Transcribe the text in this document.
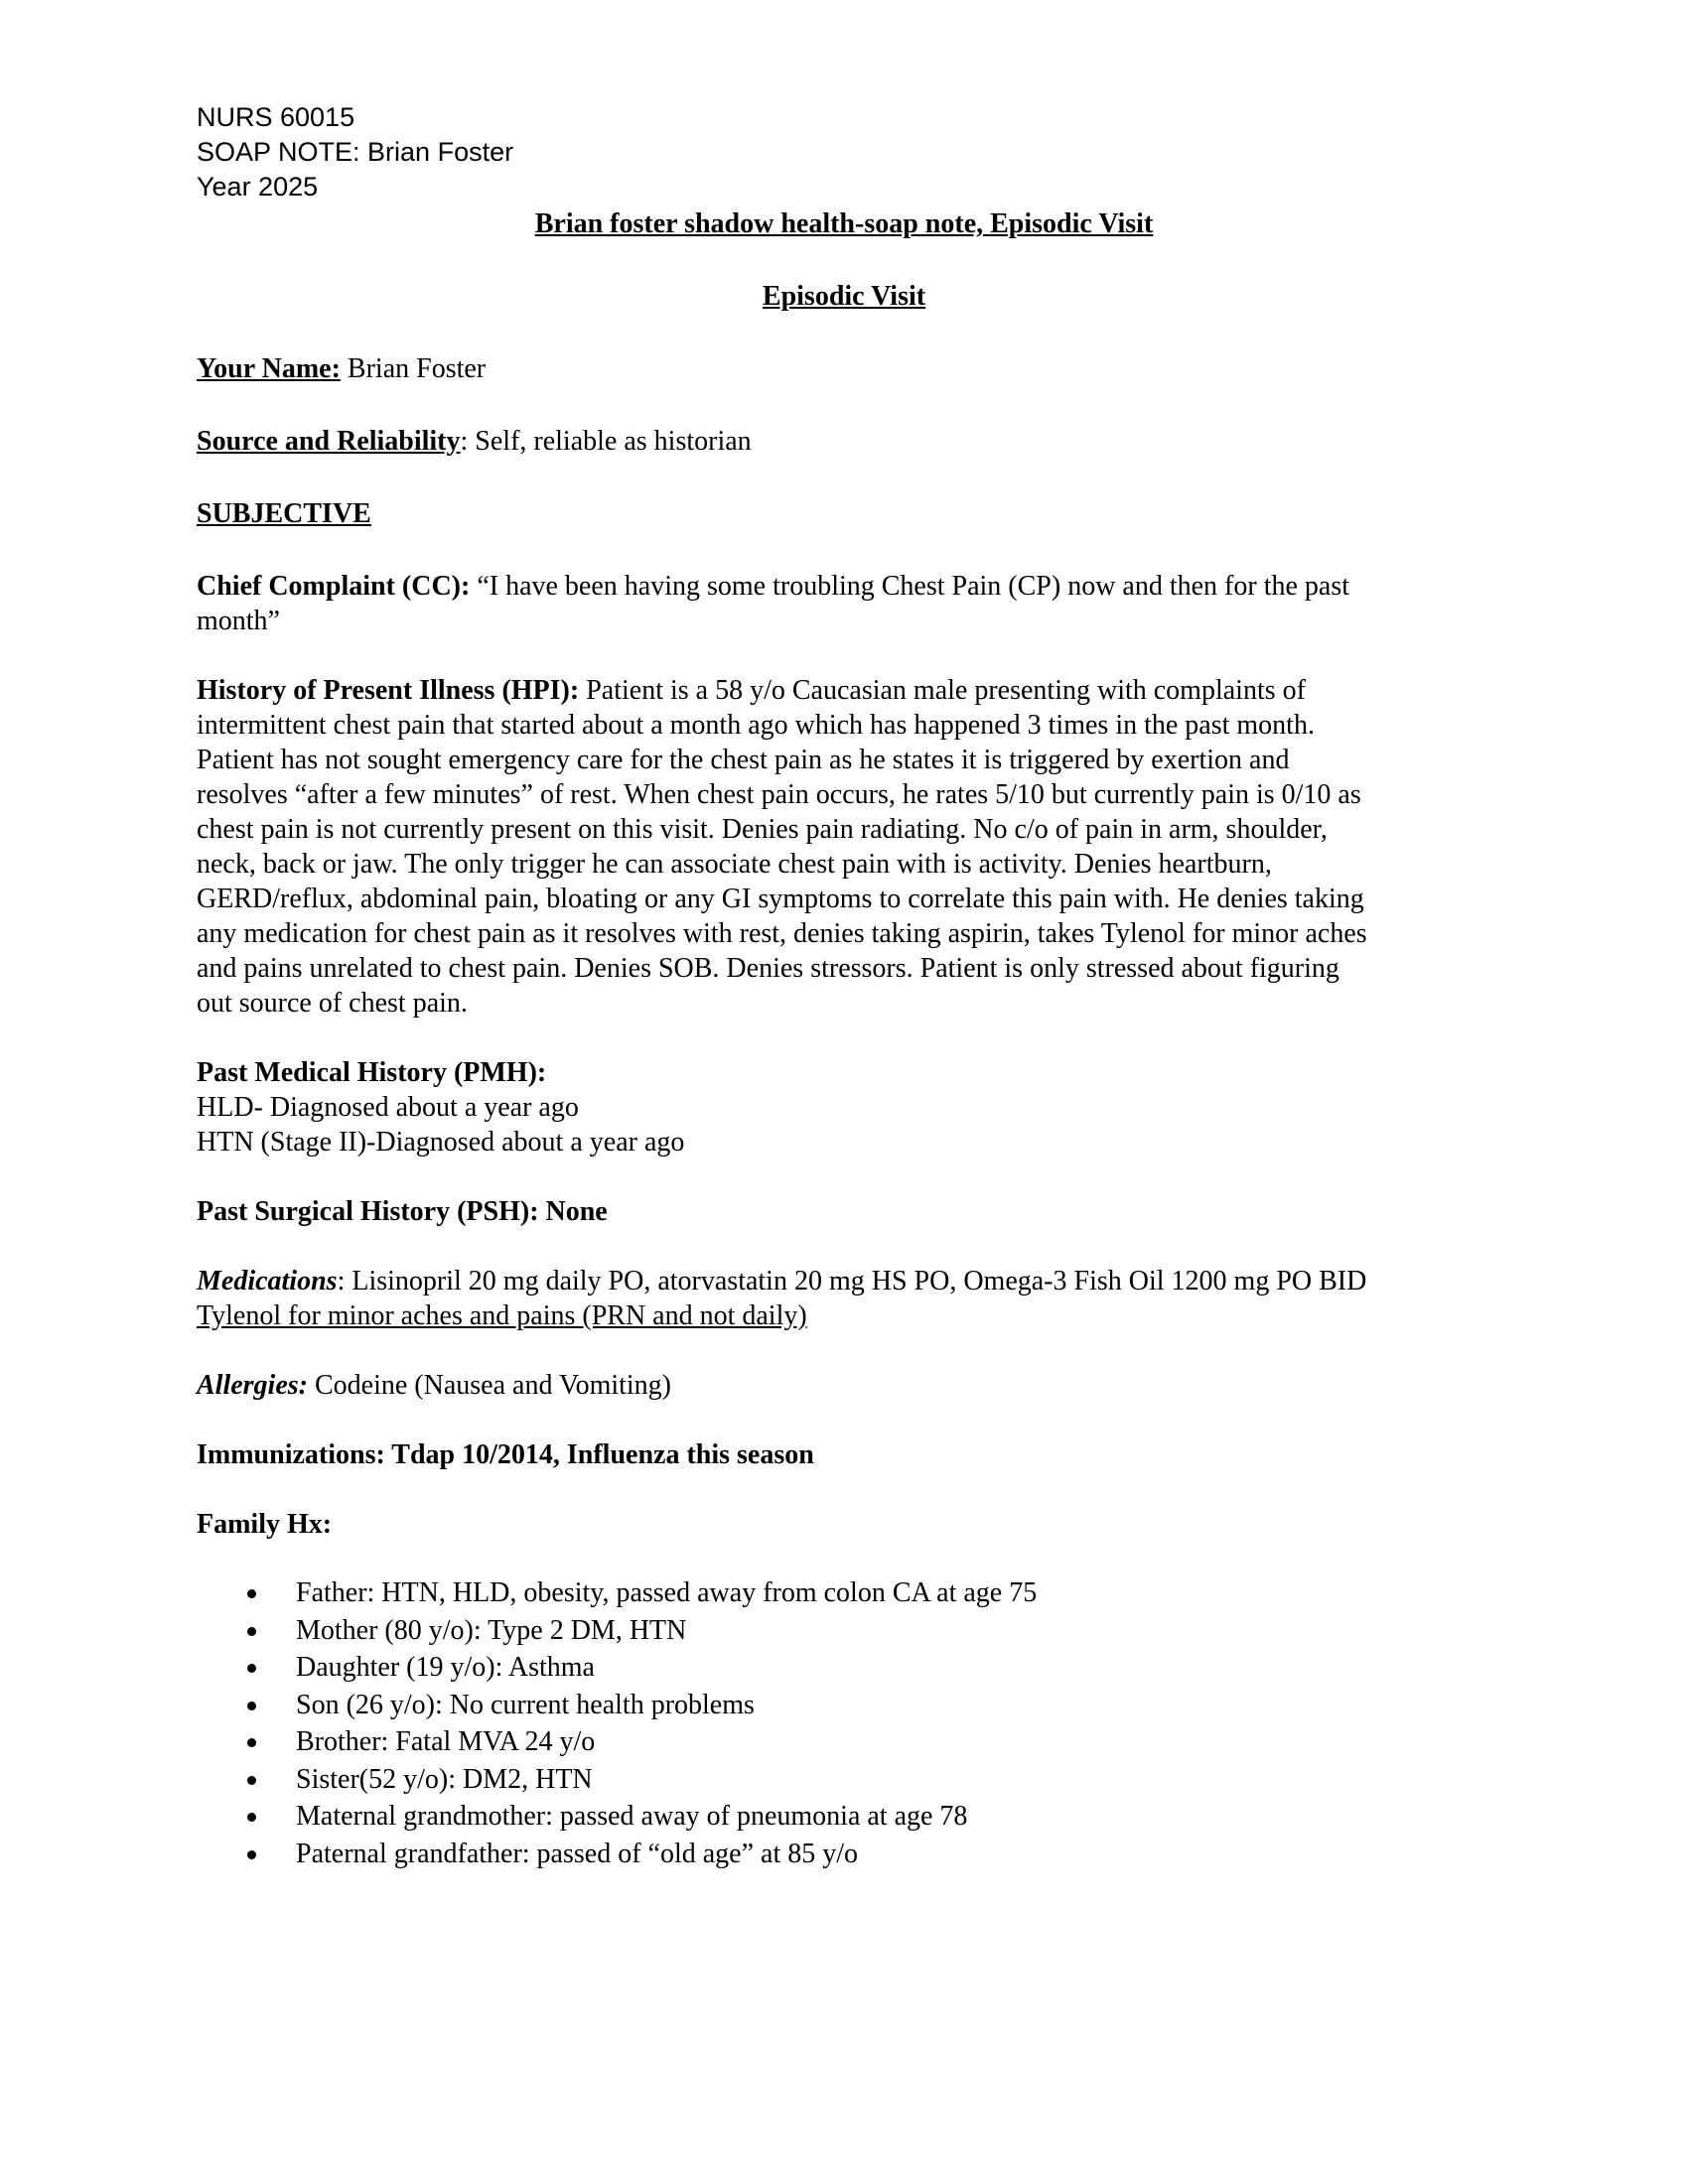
NURS 60015
SOAP NOTE: Brian Foster
Year 2025
Brian foster shadow health-soap note, Episodic Visit
Episodic Visit
Your Name: Brian Foster
Source and Reliability: Self, reliable as historian
SUBJECTIVE
Chief Complaint (CC): “I have been having some troubling Chest Pain (CP) now and then for the past
month”
History of Present Illness (HPI): Patient is a 58 y/o Caucasian male presenting with complaints of
intermittent chest pain that started about a month ago which has happened 3 times in the past month.
Patient has not sought emergency care for the chest pain as he states it is triggered by exertion and
resolves “after a few minutes” of rest. When chest pain occurs, he rates 5/10 but currently pain is 0/10 as
chest pain is not currently present on this visit. Denies pain radiating. No c/o of pain in arm, shoulder,
neck, back or jaw. The only trigger he can associate chest pain with is activity. Denies heartburn,
GERD/reflux, abdominal pain, bloating or any GI symptoms to correlate this pain with. He denies taking
any medication for chest pain as it resolves with rest, denies taking aspirin, takes Tylenol for minor aches
and pains unrelated to chest pain. Denies SOB. Denies stressors. Patient is only stressed about figuring
out source of chest pain.
Past Medical History (PMH):
HLD- Diagnosed about a year ago
HTN (Stage II)-Diagnosed about a year ago
Past Surgical History (PSH): None
Medications: Lisinopril 20 mg daily PO, atorvastatin 20 mg HS PO, Omega-3 Fish Oil 1200 mg PO BID
Tylenol for minor aches and pains (PRN and not daily)
Allergies: Codeine (Nausea and Vomiting)
Immunizations: Tdap 10/2014, Influenza this season
Family Hx:
Father: HTN, HLD, obesity, passed away from colon CA at age 75
Mother (80 y/o): Type 2 DM, HTN
Daughter (19 y/o): Asthma
Son (26 y/o): No current health problems
Brother: Fatal MVA 24 y/o
Sister(52 y/o): DM2, HTN
Maternal grandmother: passed away of pneumonia at age 78
Paternal grandfather: passed of “old age” at 85 y/o
